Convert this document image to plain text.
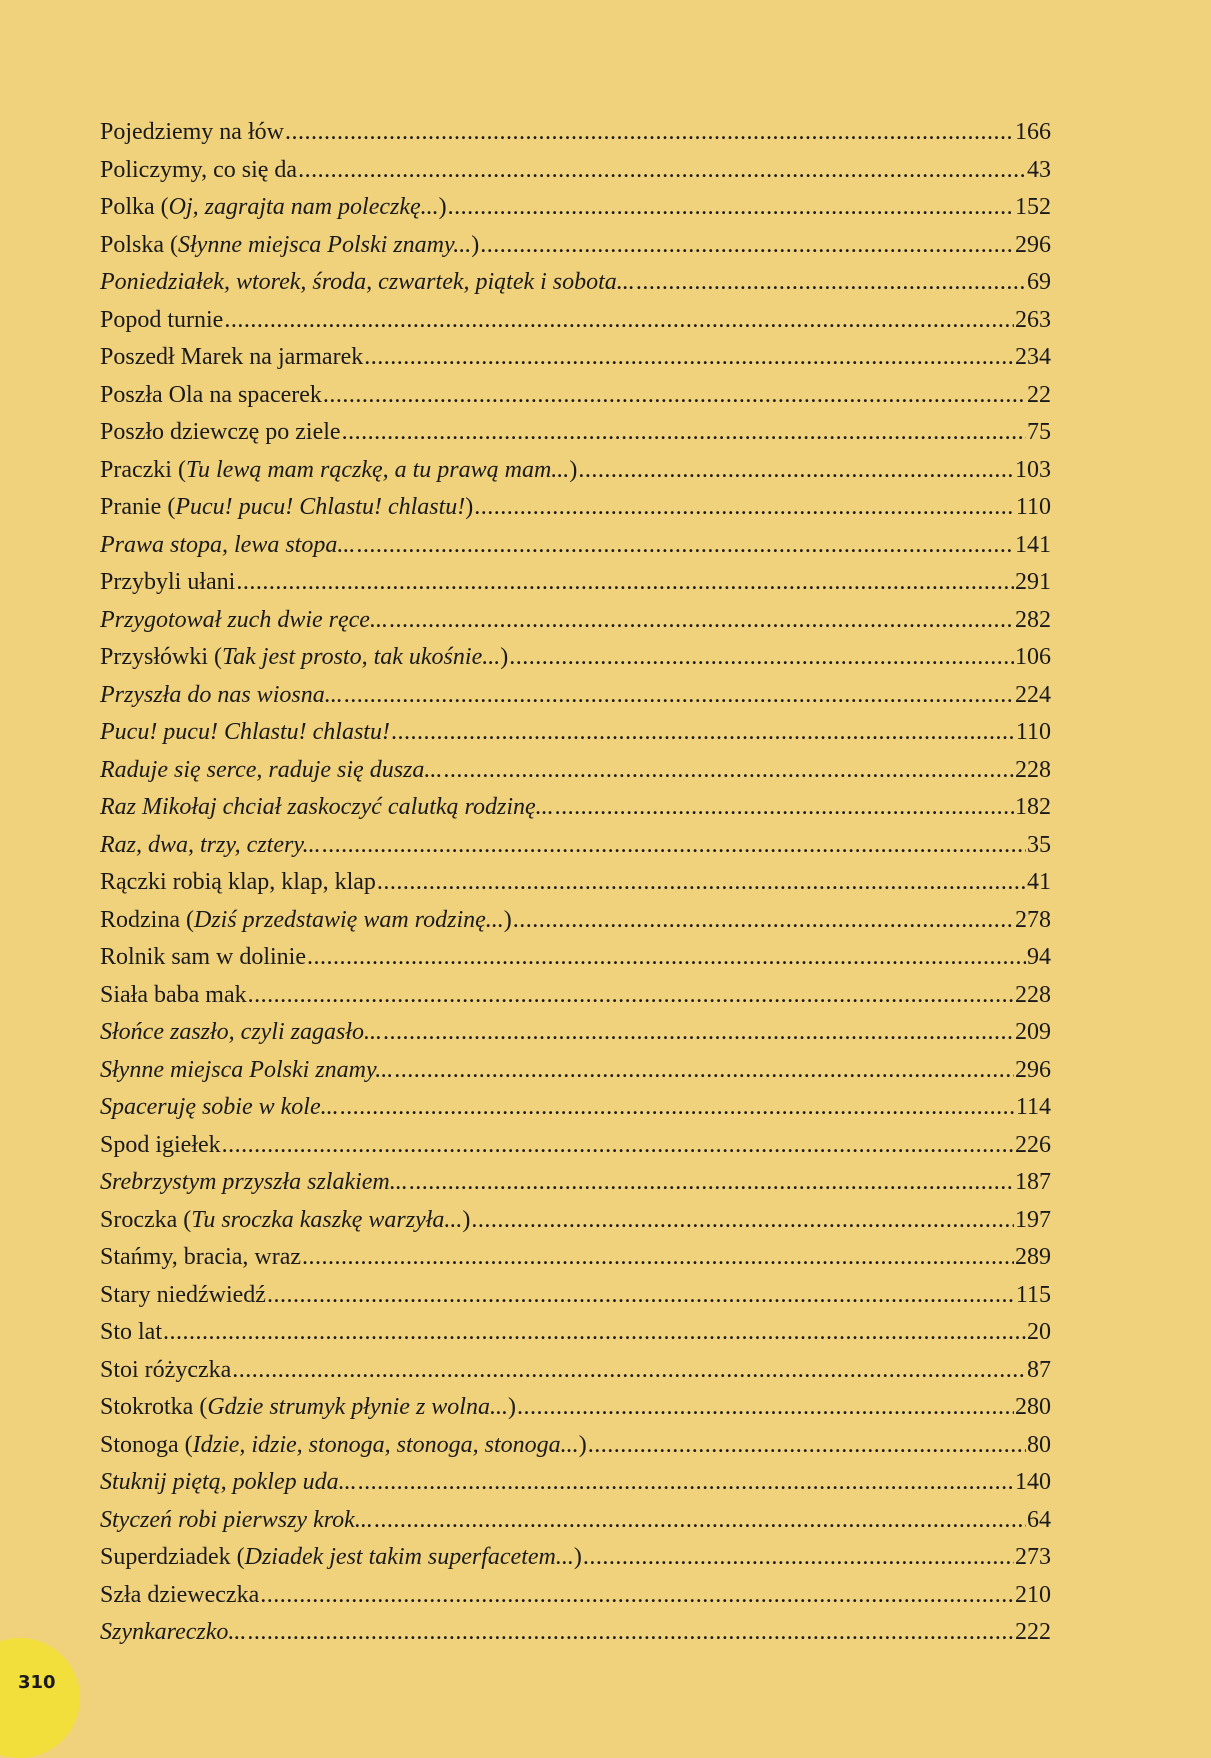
Pojedziemy na łów .....	166
Policzymy, co się da .....	43
Polka (Oj, zagrajta nam poleczkę...) .....	152
Polska (Słynne miejsca Polski znamy...) .....	296
Poniedziałek, wtorek, środa, czwartek, piątek i sobota... .....	69
Popod turnie .....	263
Poszedł Marek na jarmarek .....	234
Poszła Ola na spacerek .....	22
Poszło dziewczę po ziele .....	75
Praczki (Tu lewą mam rączkę, a tu prawą mam...) .....	103
Pranie (Pucu! pucu! Chlastu! chlastu!) .....	110
Prawa stopa, lewa stopa... .....	141
Przybyli ułani .....	291
Przygotował zuch dwie ręce... .....	282
Przysłówki (Tak jest prosto, tak ukośnie...) .....	106
Przyszła do nas wiosna... .....	224
Pucu! pucu! Chlastu! chlastu! .....	110
Raduje się serce, raduje się dusza... .....	228
Raz Mikołaj chciał zaskoczyć calutką rodzinę... .....	182
Raz, dwa, trzy, cztery... .....	35
Rączki robią klap, klap, klap .....	41
Rodzina (Dziś przedstawię wam rodzinę...) .....	278
Rolnik sam w dolinie .....	94
Siała baba mak .....	228
Słońce zaszło, czyli zagasło... .....	209
Słynne miejsca Polski znamy... .....	296
Spaceruję sobie w kole... .....	114
Spod igiełek .....	226
Srebrzystym przyszła szlakiem... .....	187
Sroczka (Tu sroczka kaszkę warzyła...) .....	197
Stańmy, bracia, wraz .....	289
Stary niedźwiedź .....	115
Sto lat .....	20
Stoi różyczka .....	87
Stokrotka (Gdzie strumyk płynie z wolna...) .....	280
Stonoga (Idzie, idzie, stonoga, stonoga, stonoga...) .....	80
Stuknij piętą, poklep uda... .....	140
Styczeń robi pierwszy krok... .....	64
Superdziadek (Dziadek jest takim superfacetem...) .....	273
Szła dzieweczka .....	210
Szynkareczko... .....	222
310
